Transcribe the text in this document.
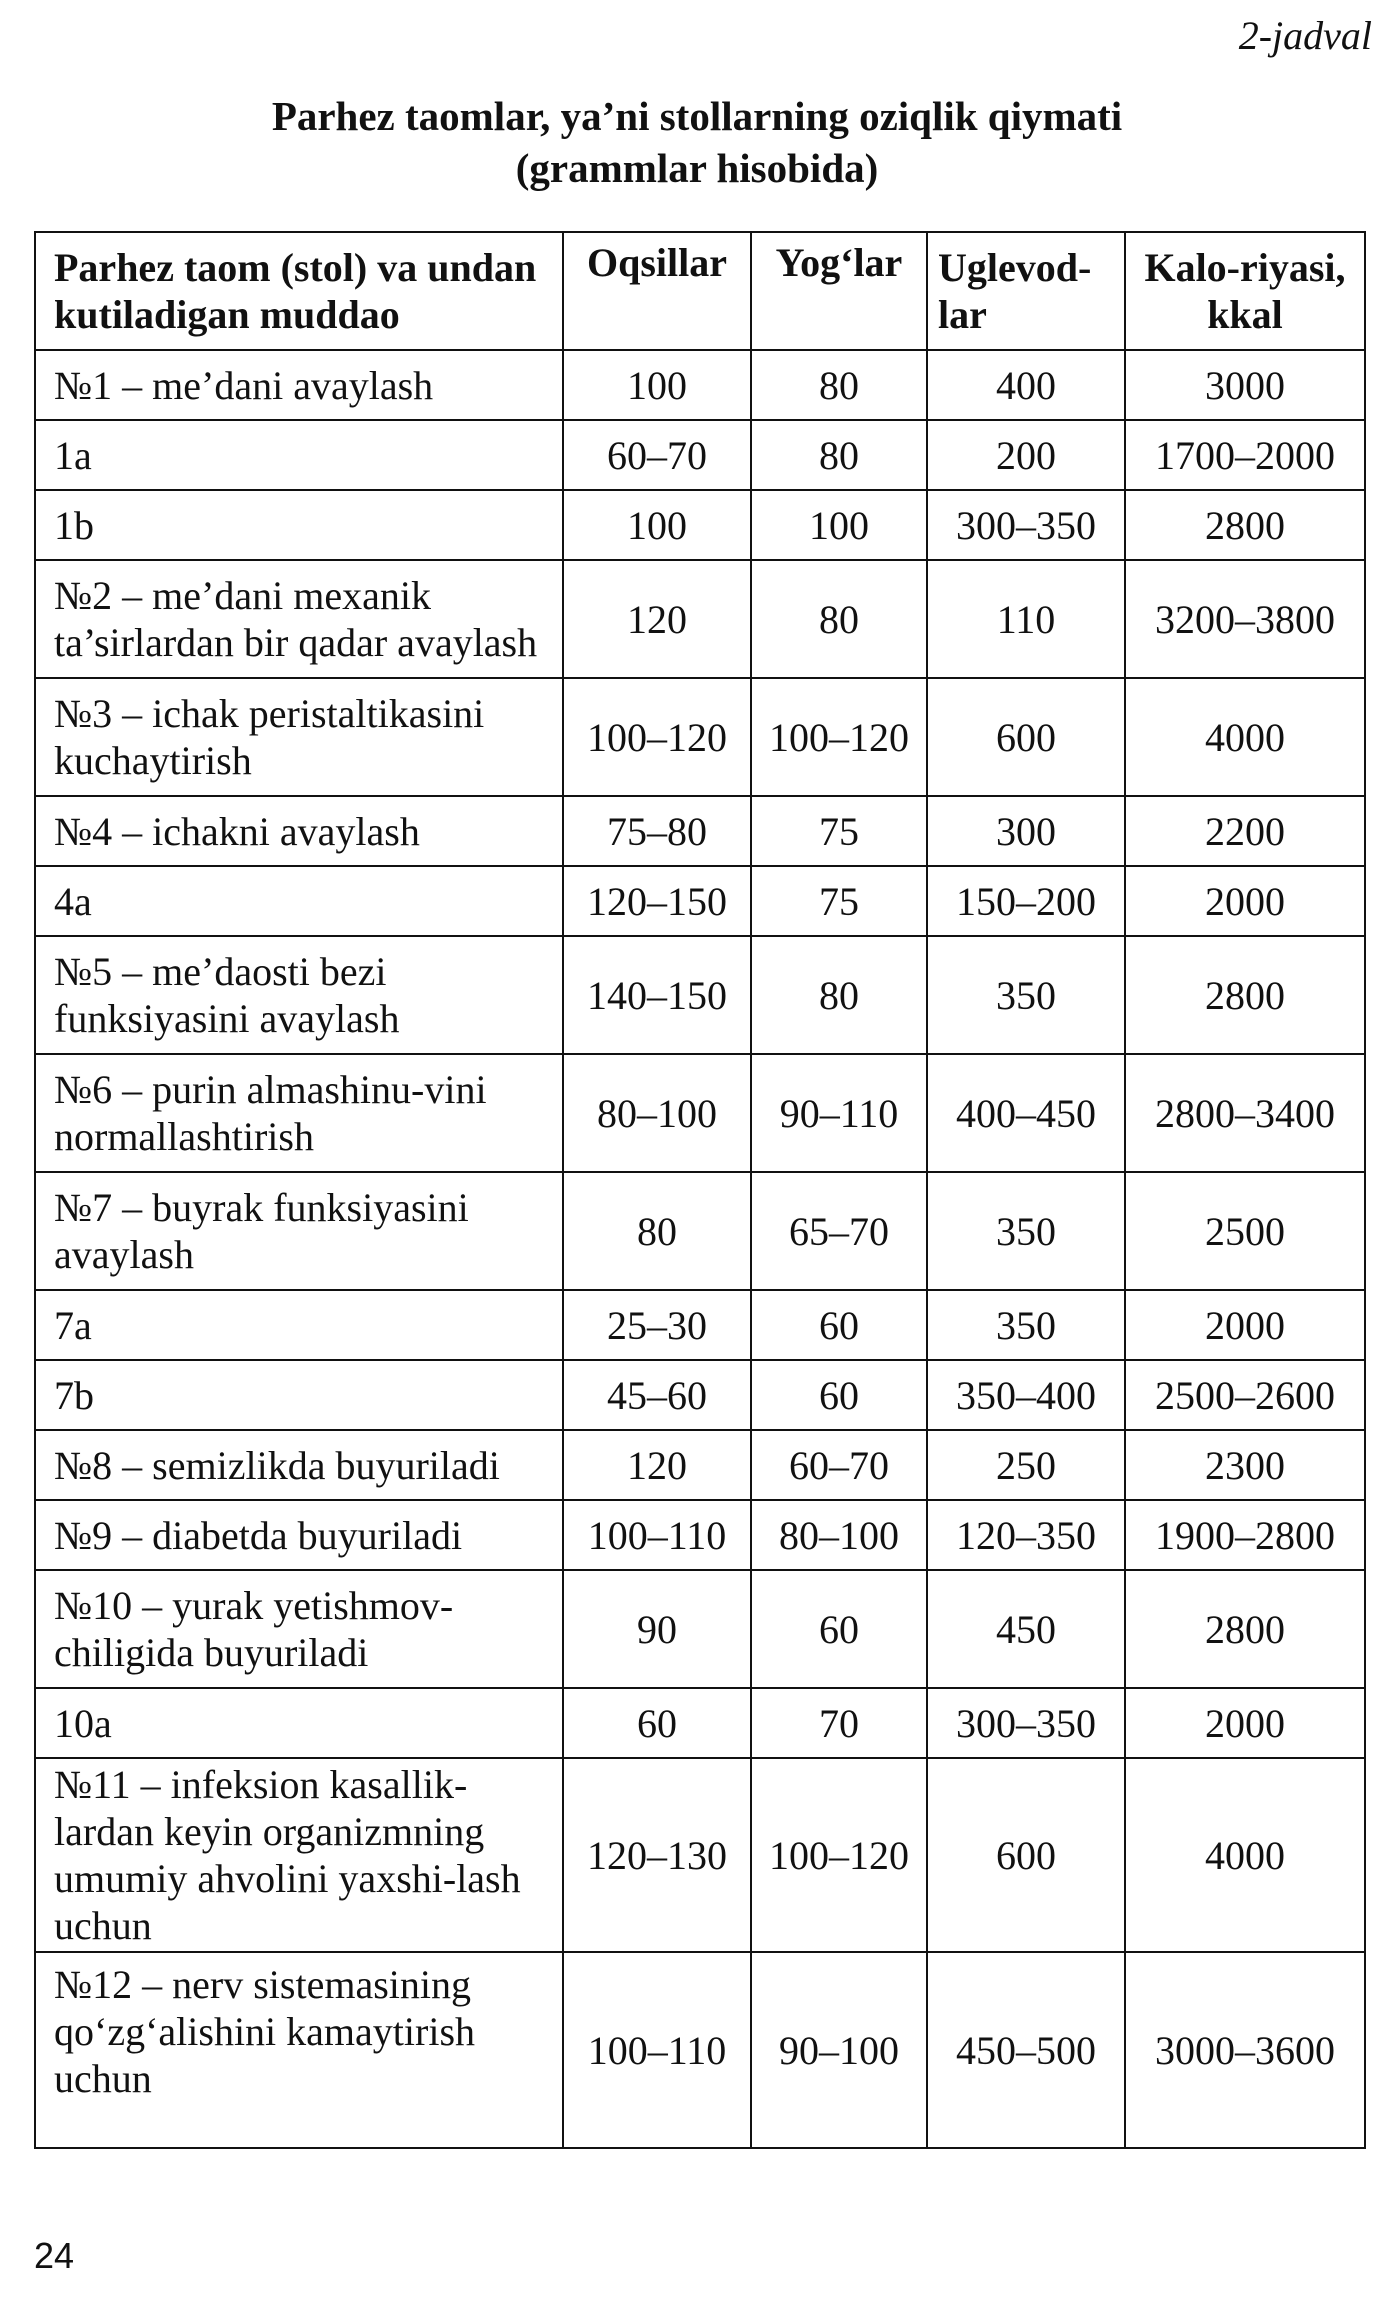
2-jadval
Parhez taomlar, ya’ni stollarning oziqlik qiymati
(grammlar hisobida)
Parhez taom (stol) va undan kutiladigan muddao	Oqsillar	Yog‘lar	Uglevod-lar	Kalo-riyasi, kkal
№1 – me’dani avaylash	100	80	400	3000
1a	60–70	80	200	1700–2000
1b	100	100	300–350	2800
№2 – me’dani mexanik ta’sirlardan bir qadar avaylash	120	80	110	3200–3800
№3 – ichak peristaltikasini kuchaytirish	100–120	100–120	600	4000
№4 – ichakni avaylash	75–80	75	300	2200
4a	120–150	75	150–200	2000
№5 – me’daosti bezi funksiyasini avaylash	140–150	80	350	2800
№6 – purin almashinu-vini normallashtirish	80–100	90–110	400–450	2800–3400
№7 – buyrak funksiyasini avaylash	80	65–70	350	2500
7a	25–30	60	350	2000
7b	45–60	60	350–400	2500–2600
№8 – semizlikda buyuriladi	120	60–70	250	2300
№9 – diabetda buyuriladi	100–110	80–100	120–350	1900–2800
№10 – yurak yetishmov-chiligida buyuriladi	90	60	450	2800
10a	60	70	300–350	2000
№11 – infeksion kasallik-lardan keyin organizmning umumiy ahvolini yaxshi-lash uchun	120–130	100–120	600	4000
№12 – nerv sistemasining qo‘zg‘alishini kamaytirish uchun	100–110	90–100	450–500	3000–3600
24
